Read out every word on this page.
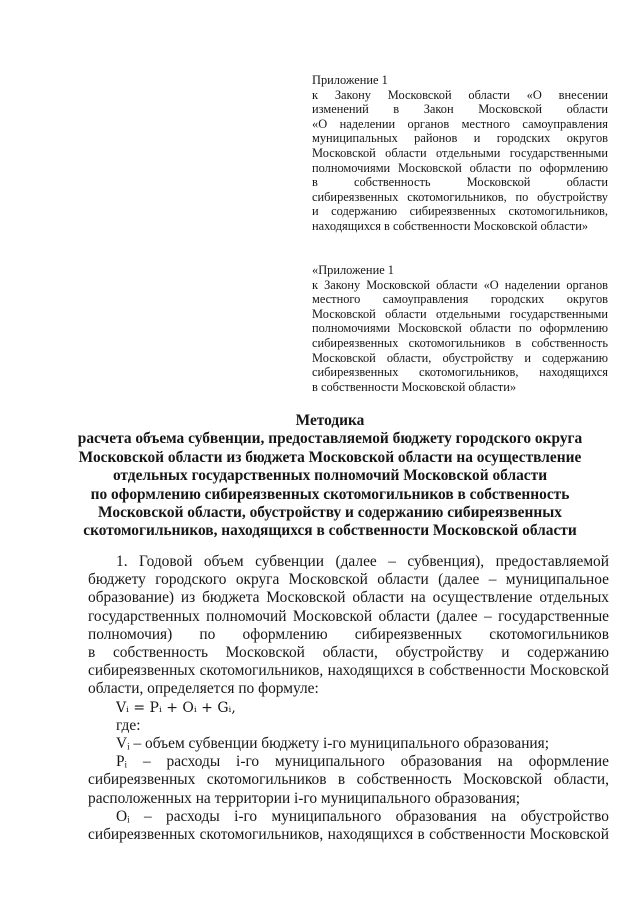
Приложение 1
к Закону Московской области «О внесении
изменений в Закон Московской области
«О наделении органов местного самоуправления
муниципальных районов и городских округов
Московской области отдельными государственными
полномочиями Московской области по оформлению
в собственность Московской области
сибиреязвенных скотомогильников, по обустройству
и содержанию сибиреязвенных скотомогильников,
находящихся в собственности Московской области»
«Приложение 1
к Закону Московской области «О наделении органов
местного самоуправления городских округов
Московской области отдельными государственными
полномочиями Московской области по оформлению
сибиреязвенных скотомогильников в собственность
Московской области, обустройству и содержанию
сибиреязвенных скотомогильников, находящихся
в собственности Московской области»
Методика
расчета объема субвенции, предоставляемой бюджету городского округа
Московской области из бюджета Московской области на осуществление
отдельных государственных полномочий Московской области
по оформлению сибиреязвенных скотомогильников в собственность
Московской области, обустройству и содержанию сибиреязвенных
скотомогильников, находящихся в собственности Московской области
1. Годовой объем субвенции (далее – субвенция), предоставляемой
бюджету городского округа Московской области (далее – муниципальное
образование) из бюджета Московской области на осуществление отдельных
государственных полномочий Московской области (далее – государственные
полномочия) по оформлению сибиреязвенных скотомогильников
в собственность Московской области, обустройству и содержанию
сибиреязвенных скотомогильников, находящихся в собственности Московской
области, определяется по формуле:
Vᵢ = Pᵢ + Oᵢ + Gᵢ,
где:
Vᵢ – объем субвенции бюджету i-го муниципального образования;
Pᵢ – расходы i-го муниципального образования на оформление
сибиреязвенных скотомогильников в собственность Московской области,
расположенных на территории i-го муниципального образования;
Oᵢ – расходы i-го муниципального образования на обустройство
сибиреязвенных скотомогильников, находящихся в собственности Московской
